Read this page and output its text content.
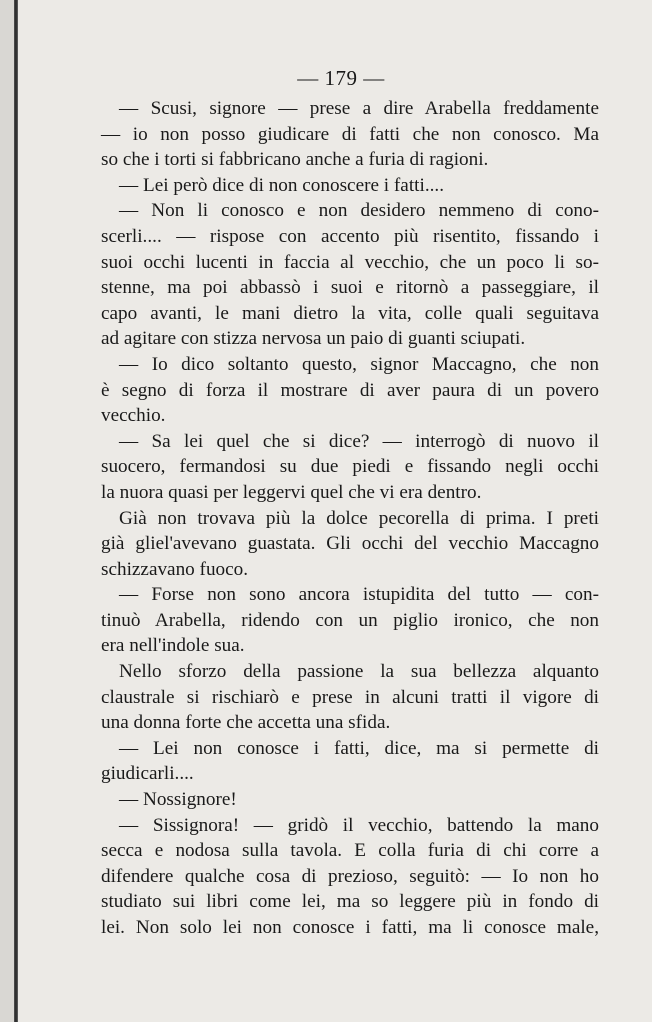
— 179 —
— Scusi, signore — prese a dire Arabella freddamente
— io non posso giudicare di fatti che non conosco. Ma
so che i torti si fabbricano anche a furia di ragioni.
— Lei però dice di non conoscere i fatti....
— Non li conosco e non desidero nemmeno di cono-
scerli.... — rispose con accento più risentito, fissando i
suoi occhi lucenti in faccia al vecchio, che un poco li so-
stenne, ma poi abbassò i suoi e ritornò a passeggiare, il
capo avanti, le mani dietro la vita, colle quali seguitava
ad agitare con stizza nervosa un paio di guanti sciupati.
— Io dico soltanto questo, signor Maccagno, che non
è segno di forza il mostrare di aver paura di un povero
vecchio.
— Sa lei quel che si dice? — interrogò di nuovo il
suocero, fermandosi su due piedi e fissando negli occhi
la nuora quasi per leggervi quel che vi era dentro.
Già non trovava più la dolce pecorella di prima. I preti
già gliel'avevano guastata. Gli occhi del vecchio Maccagno
schizzavano fuoco.
— Forse non sono ancora istupidita del tutto — con-
tinuò Arabella, ridendo con un piglio ironico, che non
era nell'indole sua.
Nello sforzo della passione la sua bellezza alquanto
claustrale si rischiarò e prese in alcuni tratti il vigore di
una donna forte che accetta una sfida.
— Lei non conosce i fatti, dice, ma si permette di
giudicarli....
— Nossignore!
— Sissignora! — gridò il vecchio, battendo la mano
secca e nodosa sulla tavola. E colla furia di chi corre a
difendere qualche cosa di prezioso, seguitò: — Io non ho
studiato sui libri come lei, ma so leggere più in fondo di
lei. Non solo lei non conosce i fatti, ma li conosce male,
